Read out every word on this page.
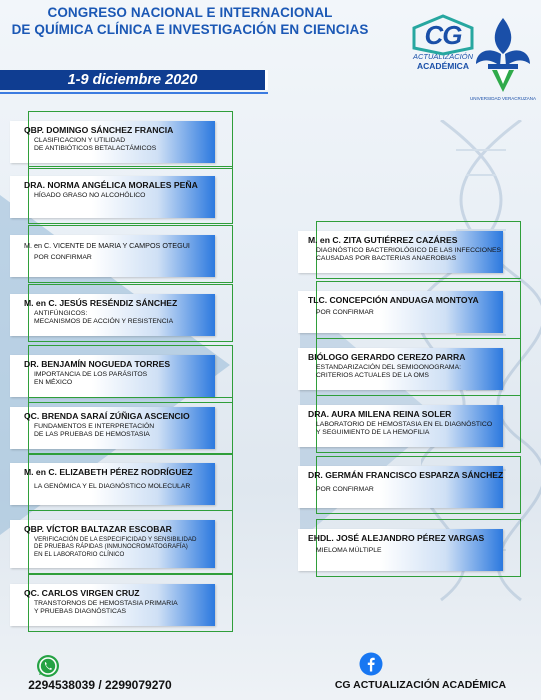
CONGRESO NACIONAL E INTERNACIONAL
DE QUÍMICA CLÍNICA E INVESTIGACIÓN EN CIENCIAS
1-9 diciembre 2020
CG
ACTUALIZACIÓN
ACADÉMICA
UNIVERSIDAD VERACRUZANA
QBP. DOMINGO SÁNCHEZ FRANCIA
CLASIFICACION Y UTILIDAD
DE ANTIBIÓTICOS BETALACTÁMICOS
DRA. NORMA ANGÉLICA MORALES PEÑA
HÍGADO GRASO NO ALCOHÓLICO
M. en C. VICENTE DE MARIA Y CAMPOS OTEGUI
POR CONFIRMAR
M. en C. JESÚS RESÉNDIZ SÁNCHEZ
ANTIFÚNGICOS:
MECANISMOS DE ACCIÓN Y RESISTENCIA
DR. BENJAMÍN NOGUEDA TORRES
IMPORTANCIA DE LOS PARÁSITOS
EN MÉXICO
QC. BRENDA SARAÍ ZÚÑIGA ASCENCIO
FUNDAMENTOS E INTERPRETACIÓN
DE LAS PRUEBAS DE HEMOSTASIA
M. en C. ELIZABETH PÉREZ RODRÍGUEZ
LA GENÓMICA Y EL DIAGNÓSTICO MOLECULAR
QBP. VÍCTOR BALTAZAR ESCOBAR
VERIFICACIÓN DE LA ESPECIFICIDAD Y SENSIBILIDAD
DE PRUEBAS RÁPIDAS (INMUNOCROMATOGRAFÍA)
EN EL LABORATORIO CLÍNICO
QC. CARLOS VIRGEN CRUZ
TRANSTORNOS DE HEMOSTASIA PRIMARIA
Y PRUEBAS DIAGNÓSTICAS
M. en C. ZITA GUTIÉRREZ CAZÁRES
DIAGNÓSTICO BACTERIOLÓGICO DE LAS INFECCIONES
CAUSADAS POR BACTERIAS ANAEROBIAS
TLC. CONCEPCIÓN ANDUAGA MONTOYA
POR CONFIRMAR
BIÓLOGO GERARDO CEREZO PARRA
ESTANDARIZACIÓN DEL SEMIOONOGRAMA:
CRITERIOS ACTUALES DE LA OMS
DRA. AURA MILENA REINA SOLER
LABORATORIO DE HEMOSTASIA EN EL DIAGNÓSTICO
Y SEGUIMIENTO DE LA HEMOFILIA
DR. GERMÁN FRANCISCO ESPARZA SÁNCHEZ
POR CONFIRMAR
EHDL. JOSÉ ALEJANDRO PÉREZ VARGAS
MIELOMA MÚLTIPLE
2294538039 / 2299079270	CG ACTUALIZACIÓN ACADÉMICA
